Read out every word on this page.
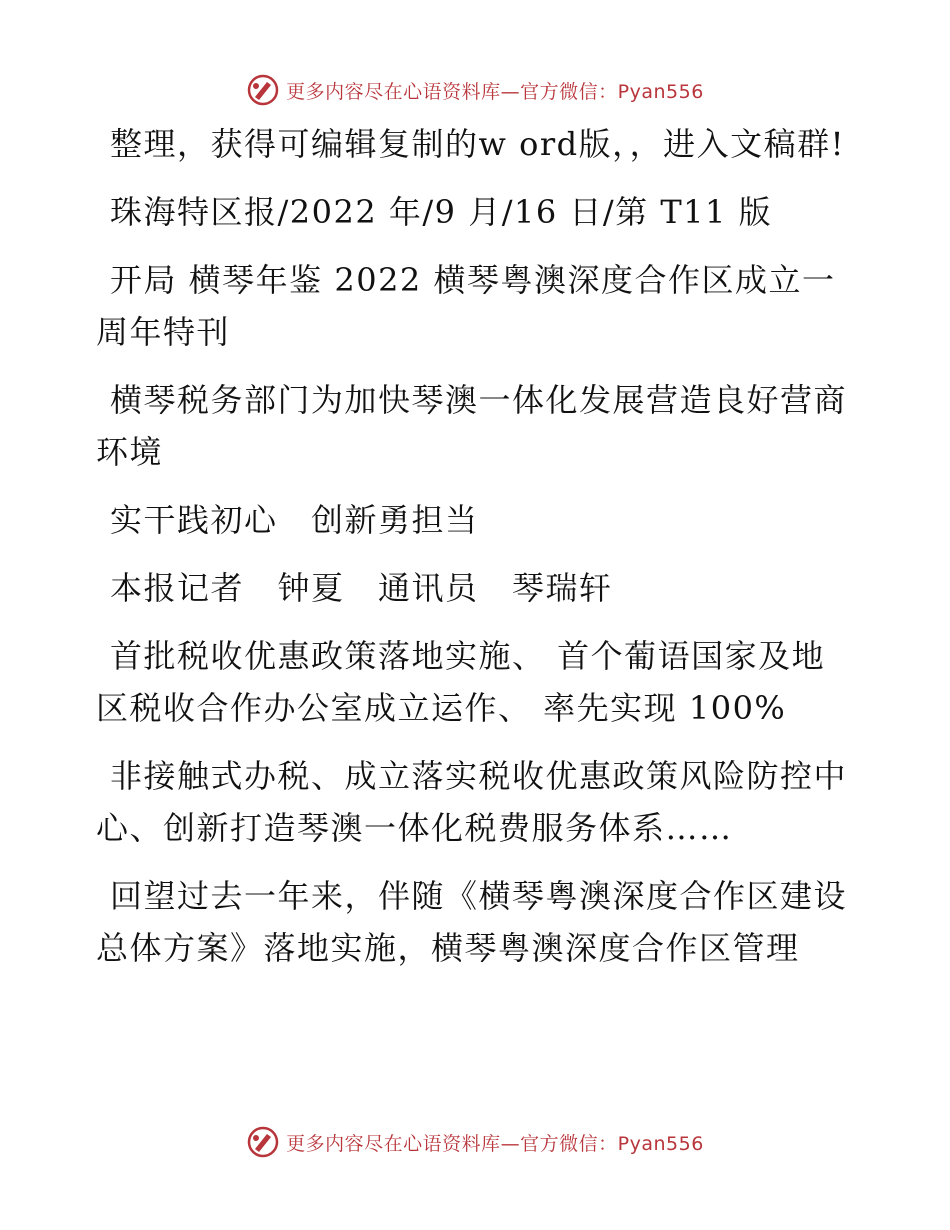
更多内容尽在心语资料库—官方微信：Pyan556

整理，获得可编辑复制的w ord版，，进入文稿群!

珠海特区报/2022 年/9 月/16 日/第 T11 版

开局 横琴年鉴 2022 横琴粤澳深度合作区成立一周年特刊

横琴税务部门为加快琴澳一体化发展营造良好营商环境

实干践初心　创新勇担当

本报记者　钟夏　通讯员　琴瑞轩

首批税收优惠政策落地实施、 首个葡语国家及地区税收合作办公室成立运作、 率先实现 100%

非接触式办税、成立落实税收优惠政策风险防控中心、创新打造琴澳一体化税费服务体系……

回望过去一年来，伴随《横琴粤澳深度合作区建设总体方案》落地实施，横琴粤澳深度合作区管理

更多内容尽在心语资料库—官方微信：Pyan556
